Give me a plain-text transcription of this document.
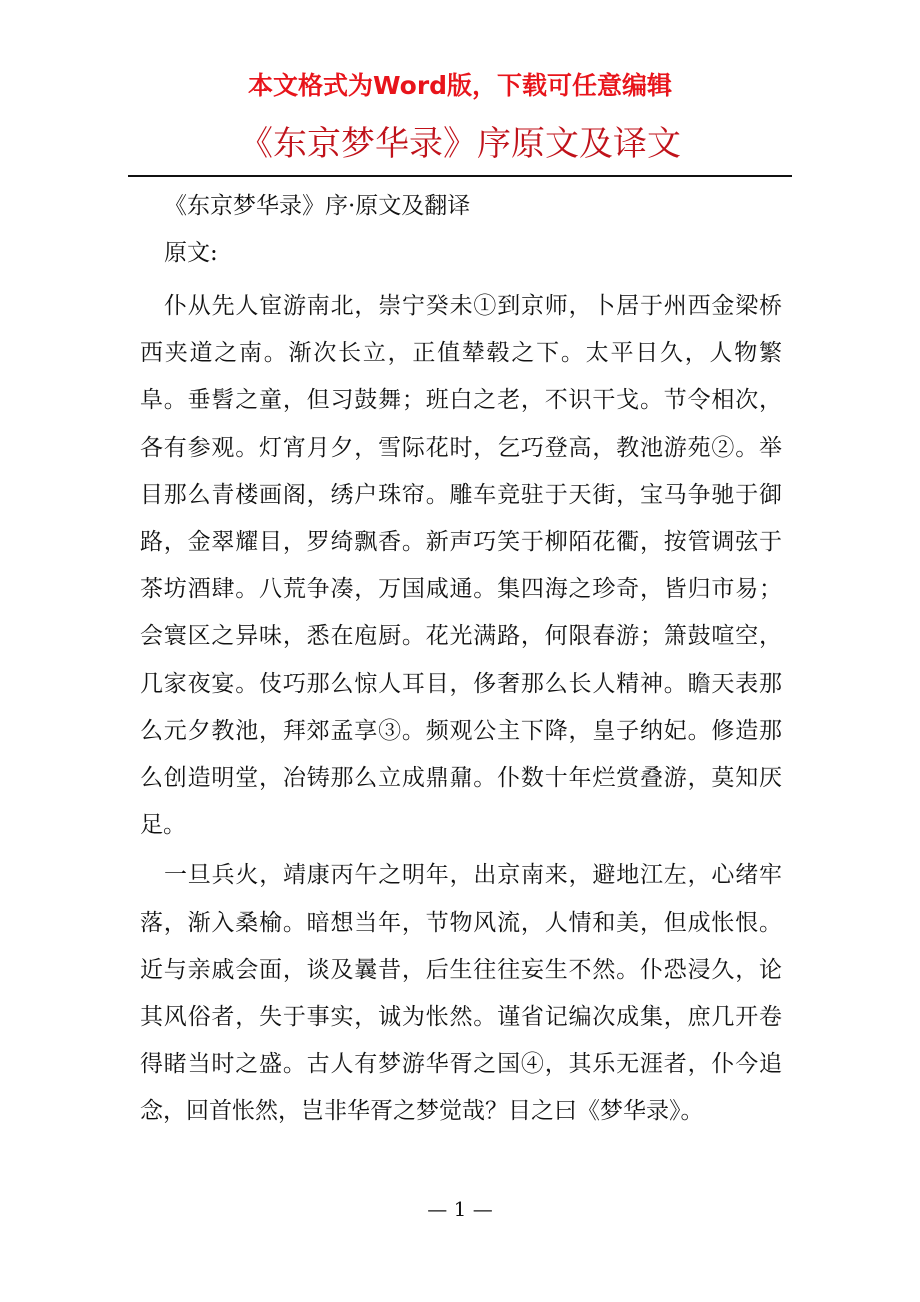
本文格式为Word版，下载可任意编辑
《东京梦华录》序原文及译文

《东京梦华录》序·原文及翻译

原文:

仆从先人宦游南北，崇宁癸未①到京师，卜居于州西金梁桥西夹道之南。渐次长立，正值辇毂之下。太平日久，人物繁阜。垂髫之童，但习鼓舞；班白之老，不识干戈。节令相次，各有参观。灯宵月夕，雪际花时，乞巧登高，教池游苑②。举目那么青楼画阁，绣户珠帘。雕车竞驻于天街，宝马争驰于御路，金翠耀目，罗绮飘香。新声巧笑于柳陌花衢，按管调弦于茶坊酒肆。八荒争凑，万国咸通。集四海之珍奇，皆归市易；会寰区之异味，悉在庖厨。花光满路，何限春游；箫鼓喧空，几家夜宴。伎巧那么惊人耳目，侈奢那么长人精神。瞻天表那么元夕教池，拜郊孟享③。频观公主下降，皇子纳妃。修造那么创造明堂，冶铸那么立成鼎鼐。仆数十年烂赏叠游，莫知厌足。

一旦兵火，靖康丙午之明年，出京南来，避地江左，心绪牢落，渐入桑榆。暗想当年，节物风流，人情和美，但成怅恨。近与亲戚会面，谈及曩昔，后生往往妄生不然。仆恐浸久，论其风俗者，失于事实，诚为怅然。谨省记编次成集，庶几开卷得睹当时之盛。古人有梦游华胥之国④，其乐无涯者，仆今追念，回首怅然，岂非华胥之梦觉哉？目之曰《梦华录》。

— 1 —
